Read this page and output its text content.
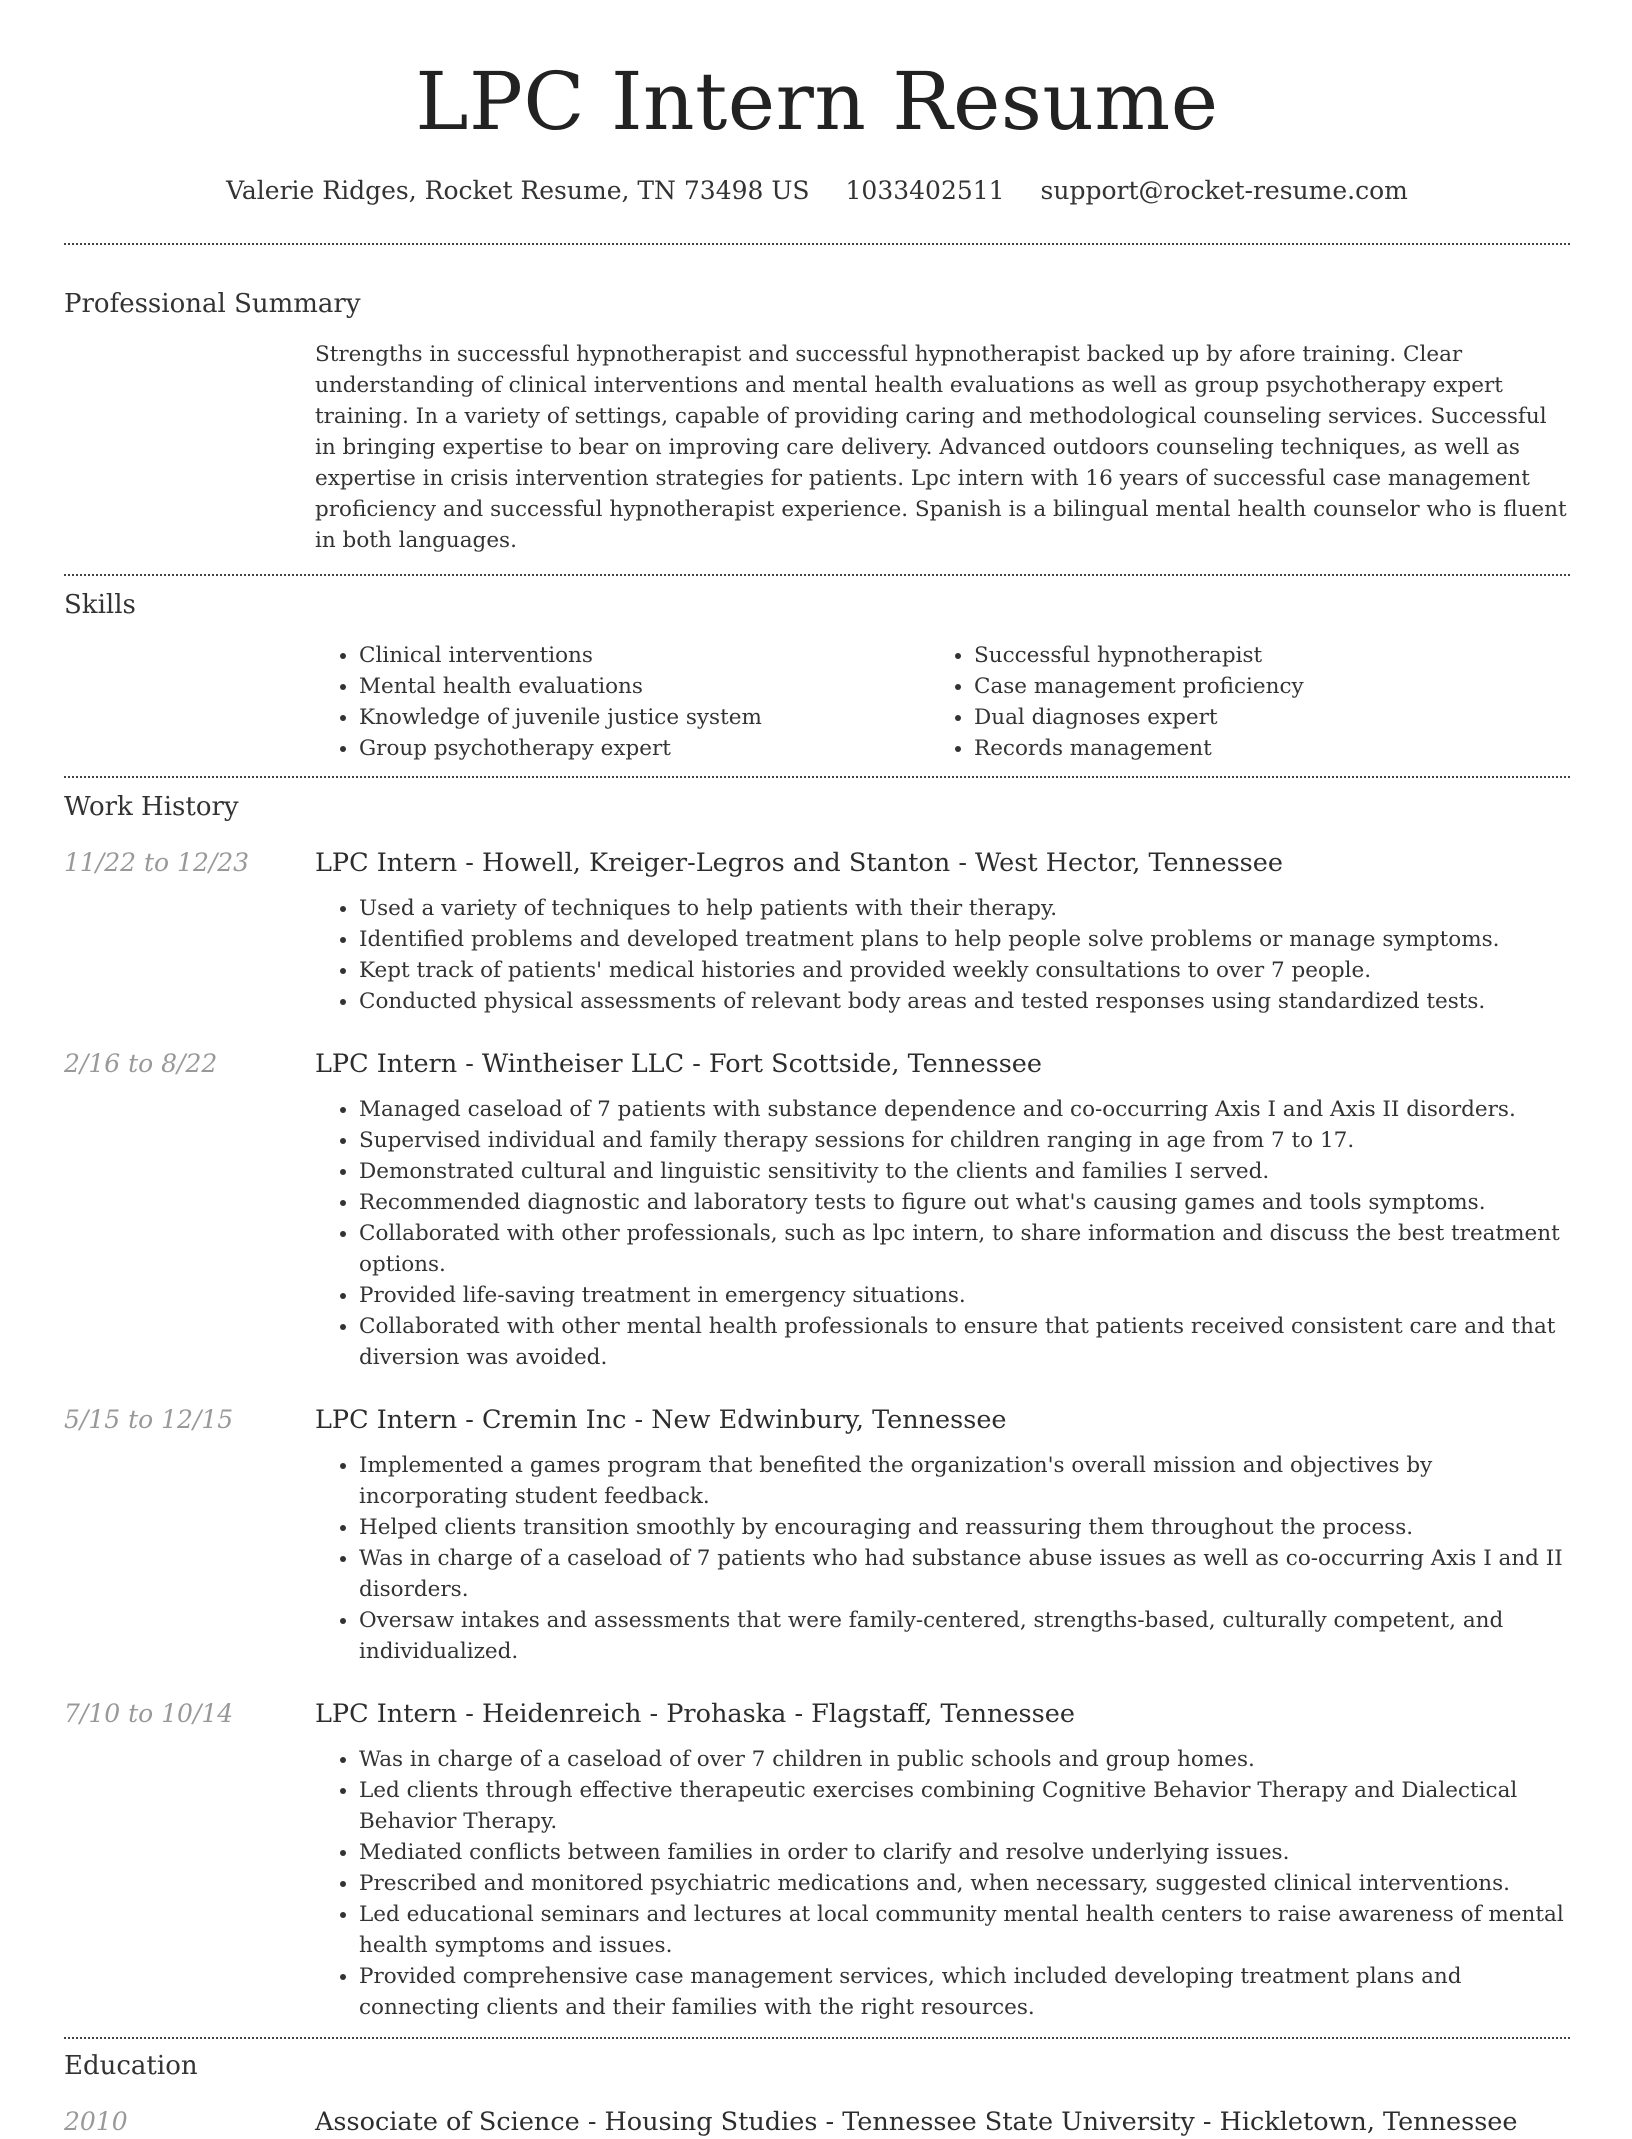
LPC Intern Resume
Valerie Ridges, Rocket Resume, TN 73498 US 1033402511 support@rocket-resume.com
Professional Summary

Strengths in successful hypnotherapist and successful hypnotherapist backed up by afore training. Clear understanding of clinical interventions and mental health evaluations as well as group psychotherapy expert training. In a variety of settings, capable of providing caring and methodological counseling services. Successful in bringing expertise to bear on improving care delivery. Advanced outdoors counseling techniques, as well as expertise in crisis intervention strategies for patients. Lpc intern with 16 years of successful case management proficiency and successful hypnotherapist experience. Spanish is a bilingual mental health counselor who is fluent in both languages.

Skills
• Clinical interventions
• Mental health evaluations
• Knowledge of juvenile justice system
• Group psychotherapy expert
• Successful hypnotherapist
• Case management proficiency
• Dual diagnoses expert
• Records management
Work History
11/22 to 12/23	LPC Intern - Howell, Kreiger-Legros and Stanton - West Hector, Tennessee
• Used a variety of techniques to help patients with their therapy.
• Identified problems and developed treatment plans to help people solve problems or manage symptoms.
• Kept track of patients' medical histories and provided weekly consultations to over 7 people.
• Conducted physical assessments of relevant body areas and tested responses using standardized tests.
2/16 to 8/22	LPC Intern - Wintheiser LLC - Fort Scottside, Tennessee
• Managed caseload of 7 patients with substance dependence and co-occurring Axis I and Axis II disorders.
• Supervised individual and family therapy sessions for children ranging in age from 7 to 17.
• Demonstrated cultural and linguistic sensitivity to the clients and families I served.
• Recommended diagnostic and laboratory tests to figure out what's causing games and tools symptoms.
• Collaborated with other professionals, such as lpc intern, to share information and discuss the best treatment options.
• Provided life-saving treatment in emergency situations.
• Collaborated with other mental health professionals to ensure that patients received consistent care and that diversion was avoided.
5/15 to 12/15	LPC Intern - Cremin Inc - New Edwinbury, Tennessee
• Implemented a games program that benefited the organization's overall mission and objectives by incorporating student feedback.
• Helped clients transition smoothly by encouraging and reassuring them throughout the process.
• Was in charge of a caseload of 7 patients who had substance abuse issues as well as co-occurring Axis I and II disorders.
• Oversaw intakes and assessments that were family-centered, strengths-based, culturally competent, and individualized.
7/10 to 10/14	LPC Intern - Heidenreich - Prohaska - Flagstaff, Tennessee
• Was in charge of a caseload of over 7 children in public schools and group homes.
• Led clients through effective therapeutic exercises combining Cognitive Behavior Therapy and Dialectical Behavior Therapy.
• Mediated conflicts between families in order to clarify and resolve underlying issues.
• Prescribed and monitored psychiatric medications and, when necessary, suggested clinical interventions.
• Led educational seminars and lectures at local community mental health centers to raise awareness of mental health symptoms and issues.
• Provided comprehensive case management services, which included developing treatment plans and connecting clients and their families with the right resources.
Education
2010	Associate of Science - Housing Studies - Tennessee State University - Hickletown, Tennessee
